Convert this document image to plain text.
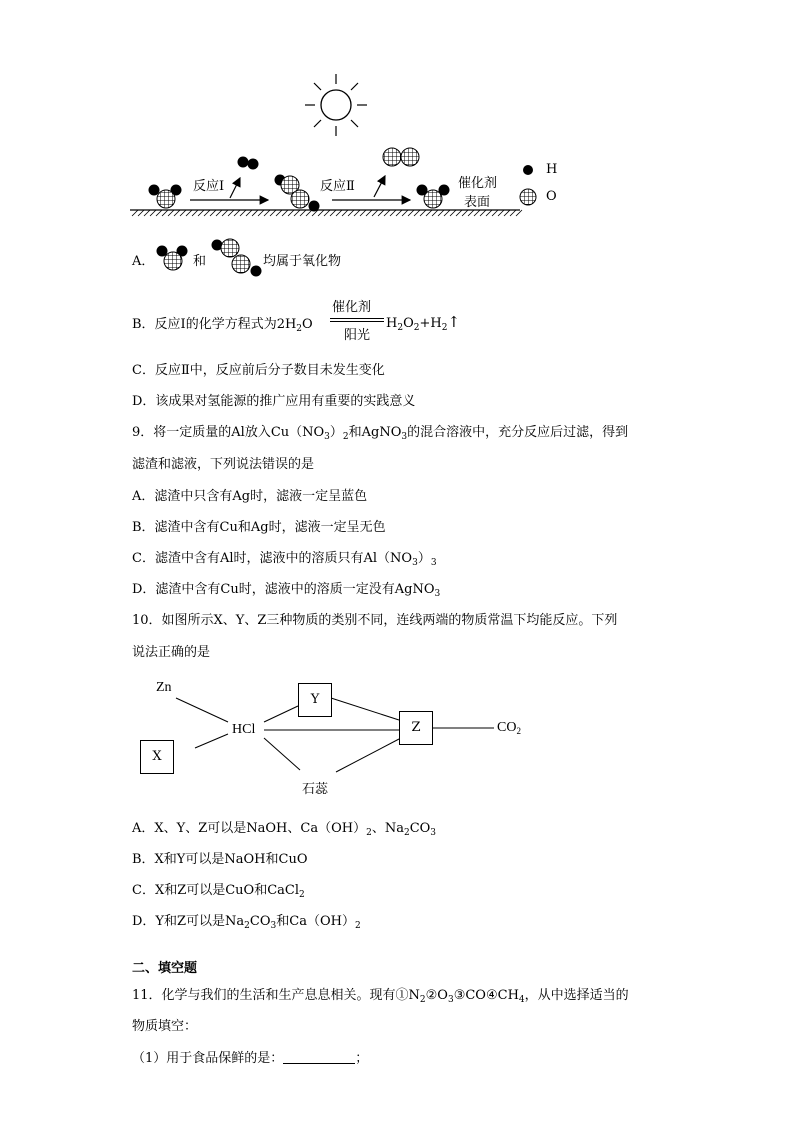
反应Ⅰ	反应Ⅱ	催化剂
表面
H
O
A．	和	均属于氧化物
B．反应Ⅰ的化学方程式为$2H_2O$
催化剂
阳光
$H_2O_2+H_2↑$
C．反应Ⅱ中，反应前后分子数目未发生变化
D．该成果对氢能源的推广应用有重要的实践意义
9．将一定质量的Al放入$Cu(NO_3)_2$和AgNO$_3$的混合溶液中，充分反应后过滤，得到
滤渣和滤液，下列说法错误的是
A．滤渣中只含有Ag时，滤液一定呈蓝色
B．滤渣中含有Cu和Ag时，滤液一定呈无色
C．滤渣中含有Al时，滤液中的溶质只有$Al(NO_3)_3$
D．滤渣中含有Cu时，滤液中的溶质一定没有AgNO$_3$
10．如图所示X、Y、Z三种物质的类别不同，连线两端的物质常温下均能反应。下列
说法正确的是
Zn
X
HCl
Y
Z	$CO_2$
石蕊
A．X、Y、Z可以是NaOH、$Ca(OH)_2$、$Na_2CO_3$
B．X和Y可以是NaOH和CuO
C．X和Z可以是CuO和CaCl$_2$
D．Y和Z可以是$Na_2CO_3$和$Ca(OH)_2$
二、填空题
11．化学与我们的生活和生产息息相关。现有$①N_2②O_3③CO④CH_4$，从中选择适当的
物质填空：
（1）用于食品保鲜的是：	；
